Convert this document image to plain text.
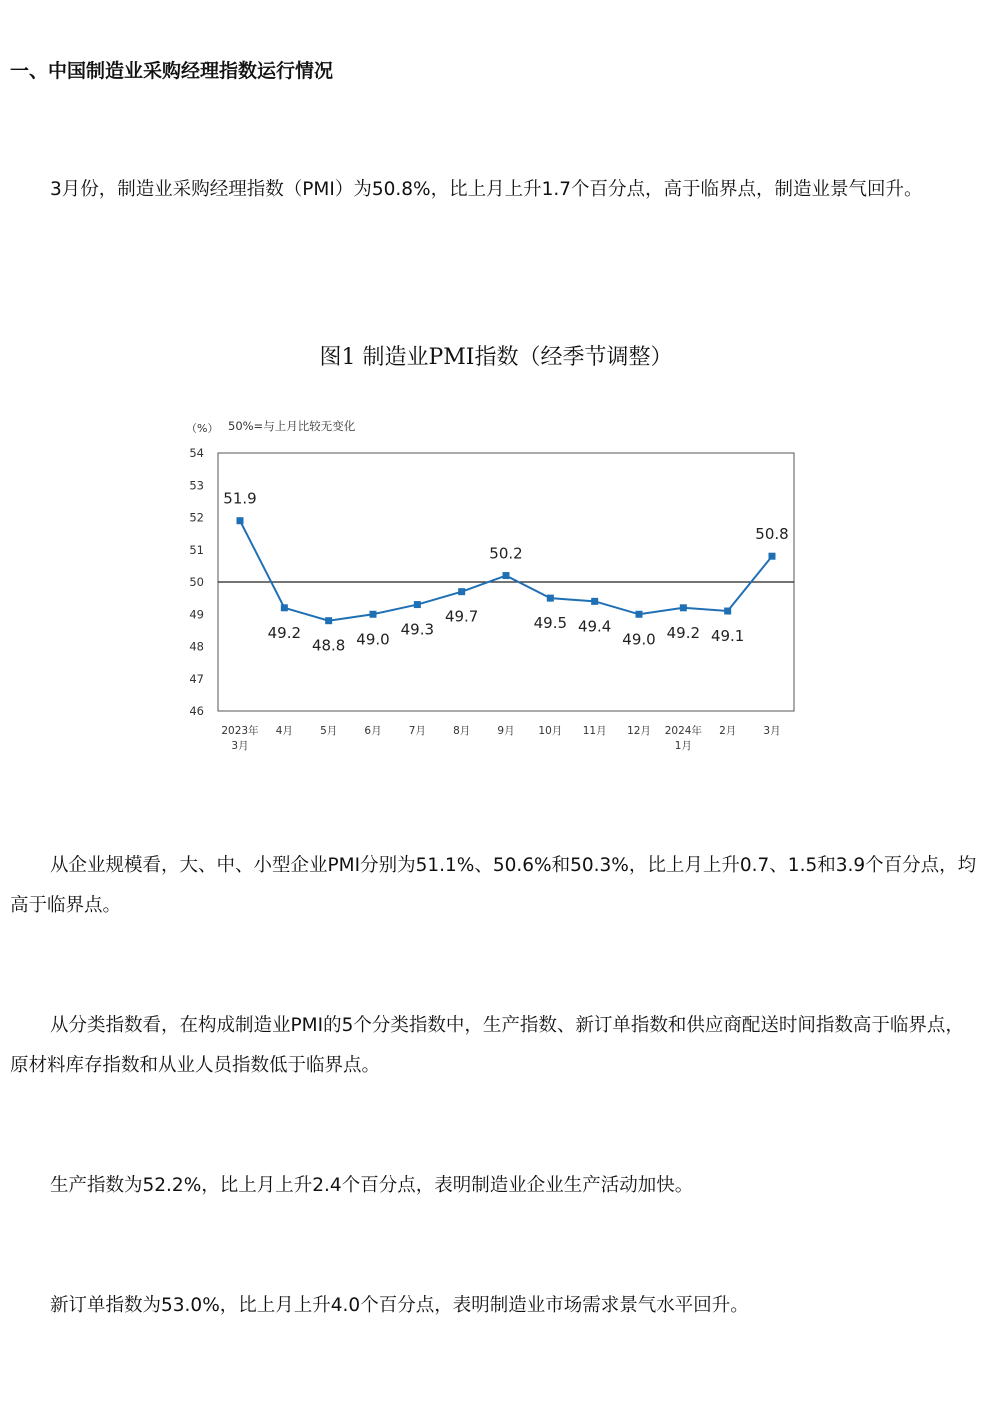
一、中国制造业采购经理指数运行情况

3月份，制造业采购经理指数（PMI）为50.8%，比上月上升1.7个百分点，高于临界点，制造业景气回升。

图1 制造业PMI指数（经季节调整）
（%） 50%=与上月比较无变化
46
47
48
49
50
51
52
53
54
2023年 3月
4月	5月	6月	7月	8月	9月 10月 11月 12月 2024年 1月
2月	3月
51.9
49.2
48.8 49.0
49.3
49.7
50.2
49.5 49.4
49.0 49.2 49.1
50.8

从企业规模看，大、中、小型企业PMI分别为51.1%、50.6%和50.3%，比上月上升0.7、1.5和3.9个百分点，均高于临界点。

从分类指数看，在构成制造业PMI的5个分类指数中，生产指数、新订单指数和供应商配送时间指数高于临界点，原材料库存指数和从业人员指数低于临界点。

生产指数为52.2%，比上月上升2.4个百分点，表明制造业企业生产活动加快。

新订单指数为53.0%，比上月上升4.0个百分点，表明制造业市场需求景气水平回升。
